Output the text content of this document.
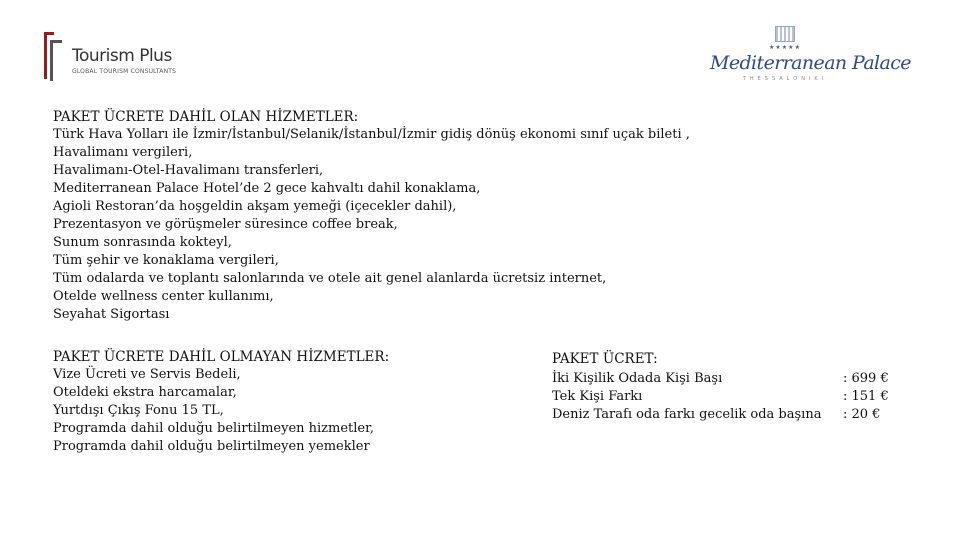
Tourism Plus
GLOBAL TOURISM CONSULTANTS
★★★★★
Mediterranean Palace
THESSALONIKI
PAKET ÜCRETE DAHİL OLAN HİZMETLER:
Türk Hava Yolları ile İzmir/İstanbul/Selanik/İstanbul/İzmir gidiş dönüş ekonomi sınıf uçak bileti ,
Havalimanı vergileri,
Havalimanı-Otel-Havalimanı transferleri,
Mediterranean Palace Hotel’de 2 gece kahvaltı dahil konaklama,
Agioli Restoran’da hoşgeldin akşam yemeği (içecekler dahil),
Prezentasyon ve görüşmeler süresince coffee break,
Sunum sonrasında kokteyl,
Tüm şehir ve konaklama vergileri,
Tüm odalarda ve toplantı salonlarında ve otele ait genel alanlarda ücretsiz internet,
Otelde wellness center kullanımı,
Seyahat Sigortası
PAKET ÜCRETE DAHİL OLMAYAN HİZMETLER:
Vize Ücreti ve Servis Bedeli,
Oteldeki ekstra harcamalar,
Yurtdışı Çıkış Fonu 15 TL,
Programda dahil olduğu belirtilmeyen hizmetler,
Programda dahil olduğu belirtilmeyen yemekler
PAKET ÜCRET:
İki Kişilik Odada Kişi Başı	: 699 €
Tek Kişi Farkı	: 151 €
Deniz Tarafı oda farkı gecelik oda başına : 20 €
